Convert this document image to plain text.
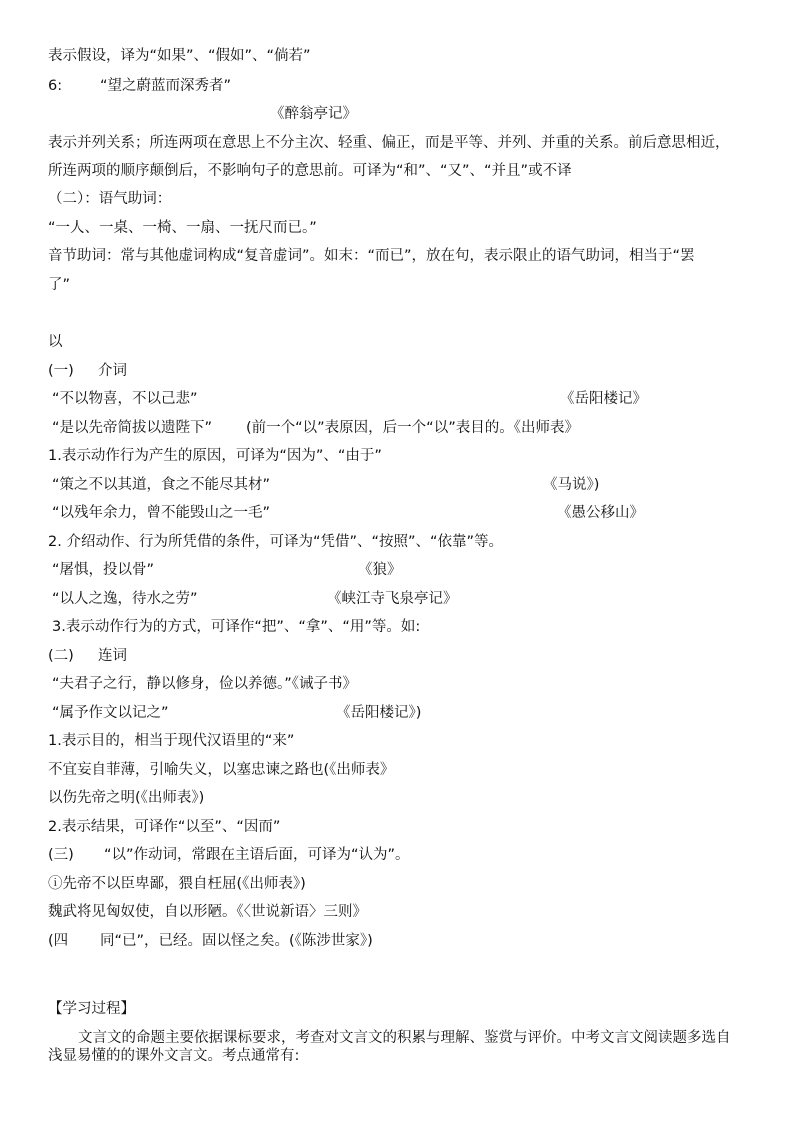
表示假设，译为“如果”、“假如”、“倘若”
6:	“望之蔚蓝而深秀者”
《醉翁亭记》
表示并列关系；所连两项在意思上不分主次、轻重、偏正，而是平等、并列、并重的关系。前后意思相近，
所连两项的顺序颠倒后，不影响句子的意思前。可译为“和”、“又”、“并且”或不译
（二）：语气助词：
“一人、一桌、一椅、一扇、一抚尺而已。”
音节助词：常与其他虚词构成“复音虚词”。如末：“而已”，放在句，表示限止的语气助词，相当于“罢
了”
以
(一) 介词
“不以物喜，不以己悲”	《岳阳楼记》
“是以先帝简拔以遗陛下” (前一个“以”表原因，后一个“以”表目的。《出师表》
1.表示动作行为产生的原因，可译为“因为”、“由于”
“策之不以其道，食之不能尽其材”	《马说》)
“以残年余力，曾不能毁山之一毛”	《愚公移山》
2. 介绍动作、行为所凭借的条件，可译为“凭借”、“按照”、“依靠”等。
“屠惧，投以骨”	《狼》
“以人之逸，待水之劳”	《峡江寺飞泉亭记》
3.表示动作行为的方式，可译作“把”、“拿”、“用”等。如:
(二) 连词
“夫君子之行，静以修身，俭以养德。”《诫子书》
“属予作文以记之”	《岳阳楼记》)
1.表示目的，相当于现代汉语里的“来”
不宜妄自菲薄，引喻失义，以塞忠谏之路也(《出师表》
以伤先帝之明(《出师表》)
2.表示结果，可译作“以至”、“因而”
(三) “以”作动词，常跟在主语后面，可译为“认为”。
ⓘ先帝不以臣卑鄙，猥自枉屈(《出师表》)
魏武将见匈奴使，自以形陋。《〈世说新语〉三则》
(四 同“已”，已经。固以怪之矣。(《陈涉世家》)
【学习过程】
文言文的命题主要依据课标要求，考查对文言文的积累与理解、鉴赏与评价。中考文言文阅读题多选自
浅显易懂的的课外文言文。考点通常有:
